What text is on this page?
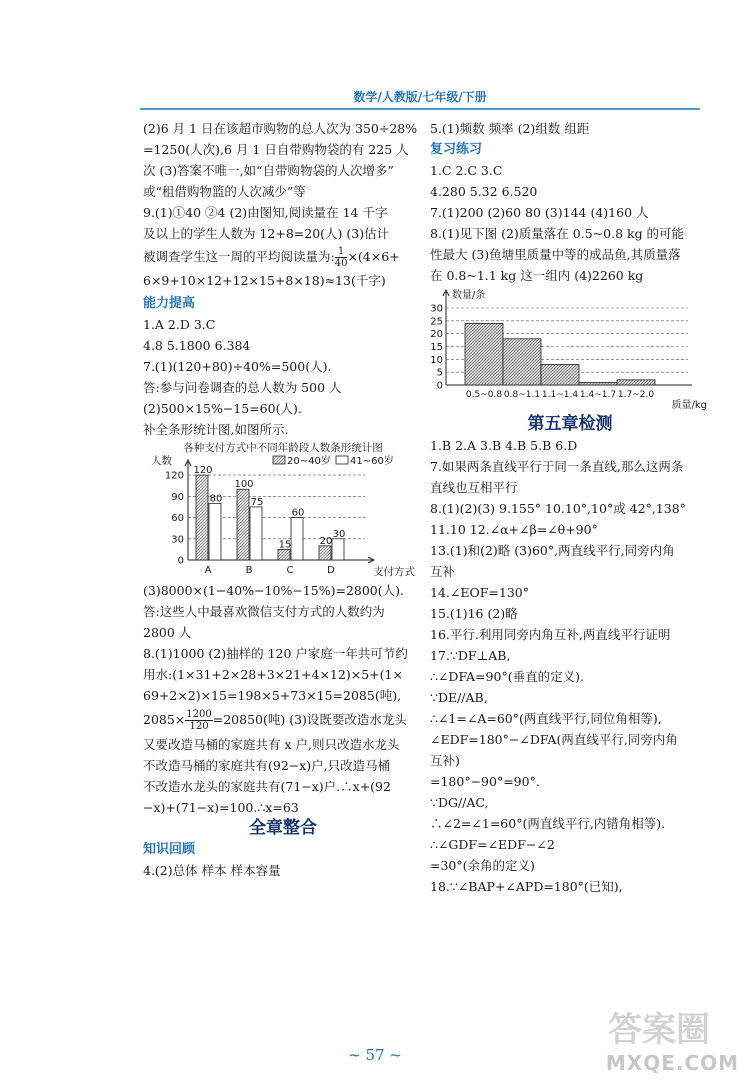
数学/人教版/七年级/下册

(2)6 月 1 日在该超市购物的总人次为 350÷28%

=1250(人次),6 月 1 日自带购物袋的有 225 人

次 (3)答案不唯一,如“自带购物袋的人次增多”

或“租借购物篮的人次减少”等

9.(1)①40 ②4 (2)由图知,阅读量在 14 千字

及以上的学生人数为 12+8=20(人) (3)估计

被调查学生这一周的平均阅读量为: $\frac{1}{40} \times(4\times 6+$

6×9+10×12+12×15+8×18)≈13(千字)

能力提高

1.A 2.D 3.C

4.8 5.1800 6.384

7.(1)(120+80)÷40%=500(人).

答:参与问卷调查的总人数为 500 人

(2)500×15%−15=60(人).

补全条形统计图,如图所示.

各种支付方式中不同年龄段人数条形统计图
人数	20~40岁 41~60岁
0
30
60
90
120 120
80
A
100
75
B
15
60
C
20
30
D	支付方式

(3)8000×(1−40%−10%−15%)=2800(人).

答:这些人中最喜欢微信支付方式的人数约为

2800 人

8.(1)1000 (2)抽样的 120 户家庭一年共可节约

用水:(1×31+2×28+3×21+4×12)×5+(1×

69+2×2)×15=198×5+73×15=2085(吨),

$2085\times \frac{1200}{120} =20850$(吨) (3)设既要改造水龙头

又要改造马桶的家庭共有 x 户,则只改造水龙头

不改造马桶的家庭共有(92−x)户,只改造马桶

不改造水龙头的家庭共有(71−x)户.∴x+(92

−x)+(71−x)=100.∴x=63

全章整合

知识回顾

4.(2)总体 样本 样本容量

5.(1)频数 频率 (2)组数 组距

复习练习

1.C 2.C 3.C

4.280 5.32 6.520

7.(1)200 (2)60 80 (3)144 (4)160 人

8.(1)见下图 (2)质量落在 0.5~0.8 kg 的可能

性最大 (3)鱼塘里质量中等的成品鱼,其质量落

在 0.8~1.1 kg 这一组内 (4)2260 kg

数量/条
质量/kg
0
5
10
15
20
25
30
0.5~0.8 0.8~1.1 1.1~1.4 1.4~1.7 1.7~2.0

第五章检测

1.B 2.A 3.B 4.B 5.B 6.D

7.如果两条直线平行于同一条直线,那么这两条

直线也互相平行

8.(1)(2)(3) 9.155° 10.10°,10°或 42°,138°

11.10 12.∠α+∠β=∠θ+90°

13.(1)和(2)略 (3)60°,两直线平行,同旁内角

互补

14.∠EOF=130°

15.(1)16 (2)略

16.平行.利用同旁内角互补,两直线平行证明

17.∵DF⊥AB,

∴∠DFA=90°(垂直的定义).

∵DE//AB,

∴∠1=∠A=60°(两直线平行,同位角相等),

∠EDF=180°−∠DFA(两直线平行,同旁内角

互补)

=180°−90°=90°.

∵DG//AC,

∴∠2=∠1=60°(两直线平行,内错角相等).

∴∠GDF=∠EDF−∠2

=30°(余角的定义)

18.∵∠BAP+∠APD=180°(已知),

~ 57 ~
答案圈
MXQE.COM
